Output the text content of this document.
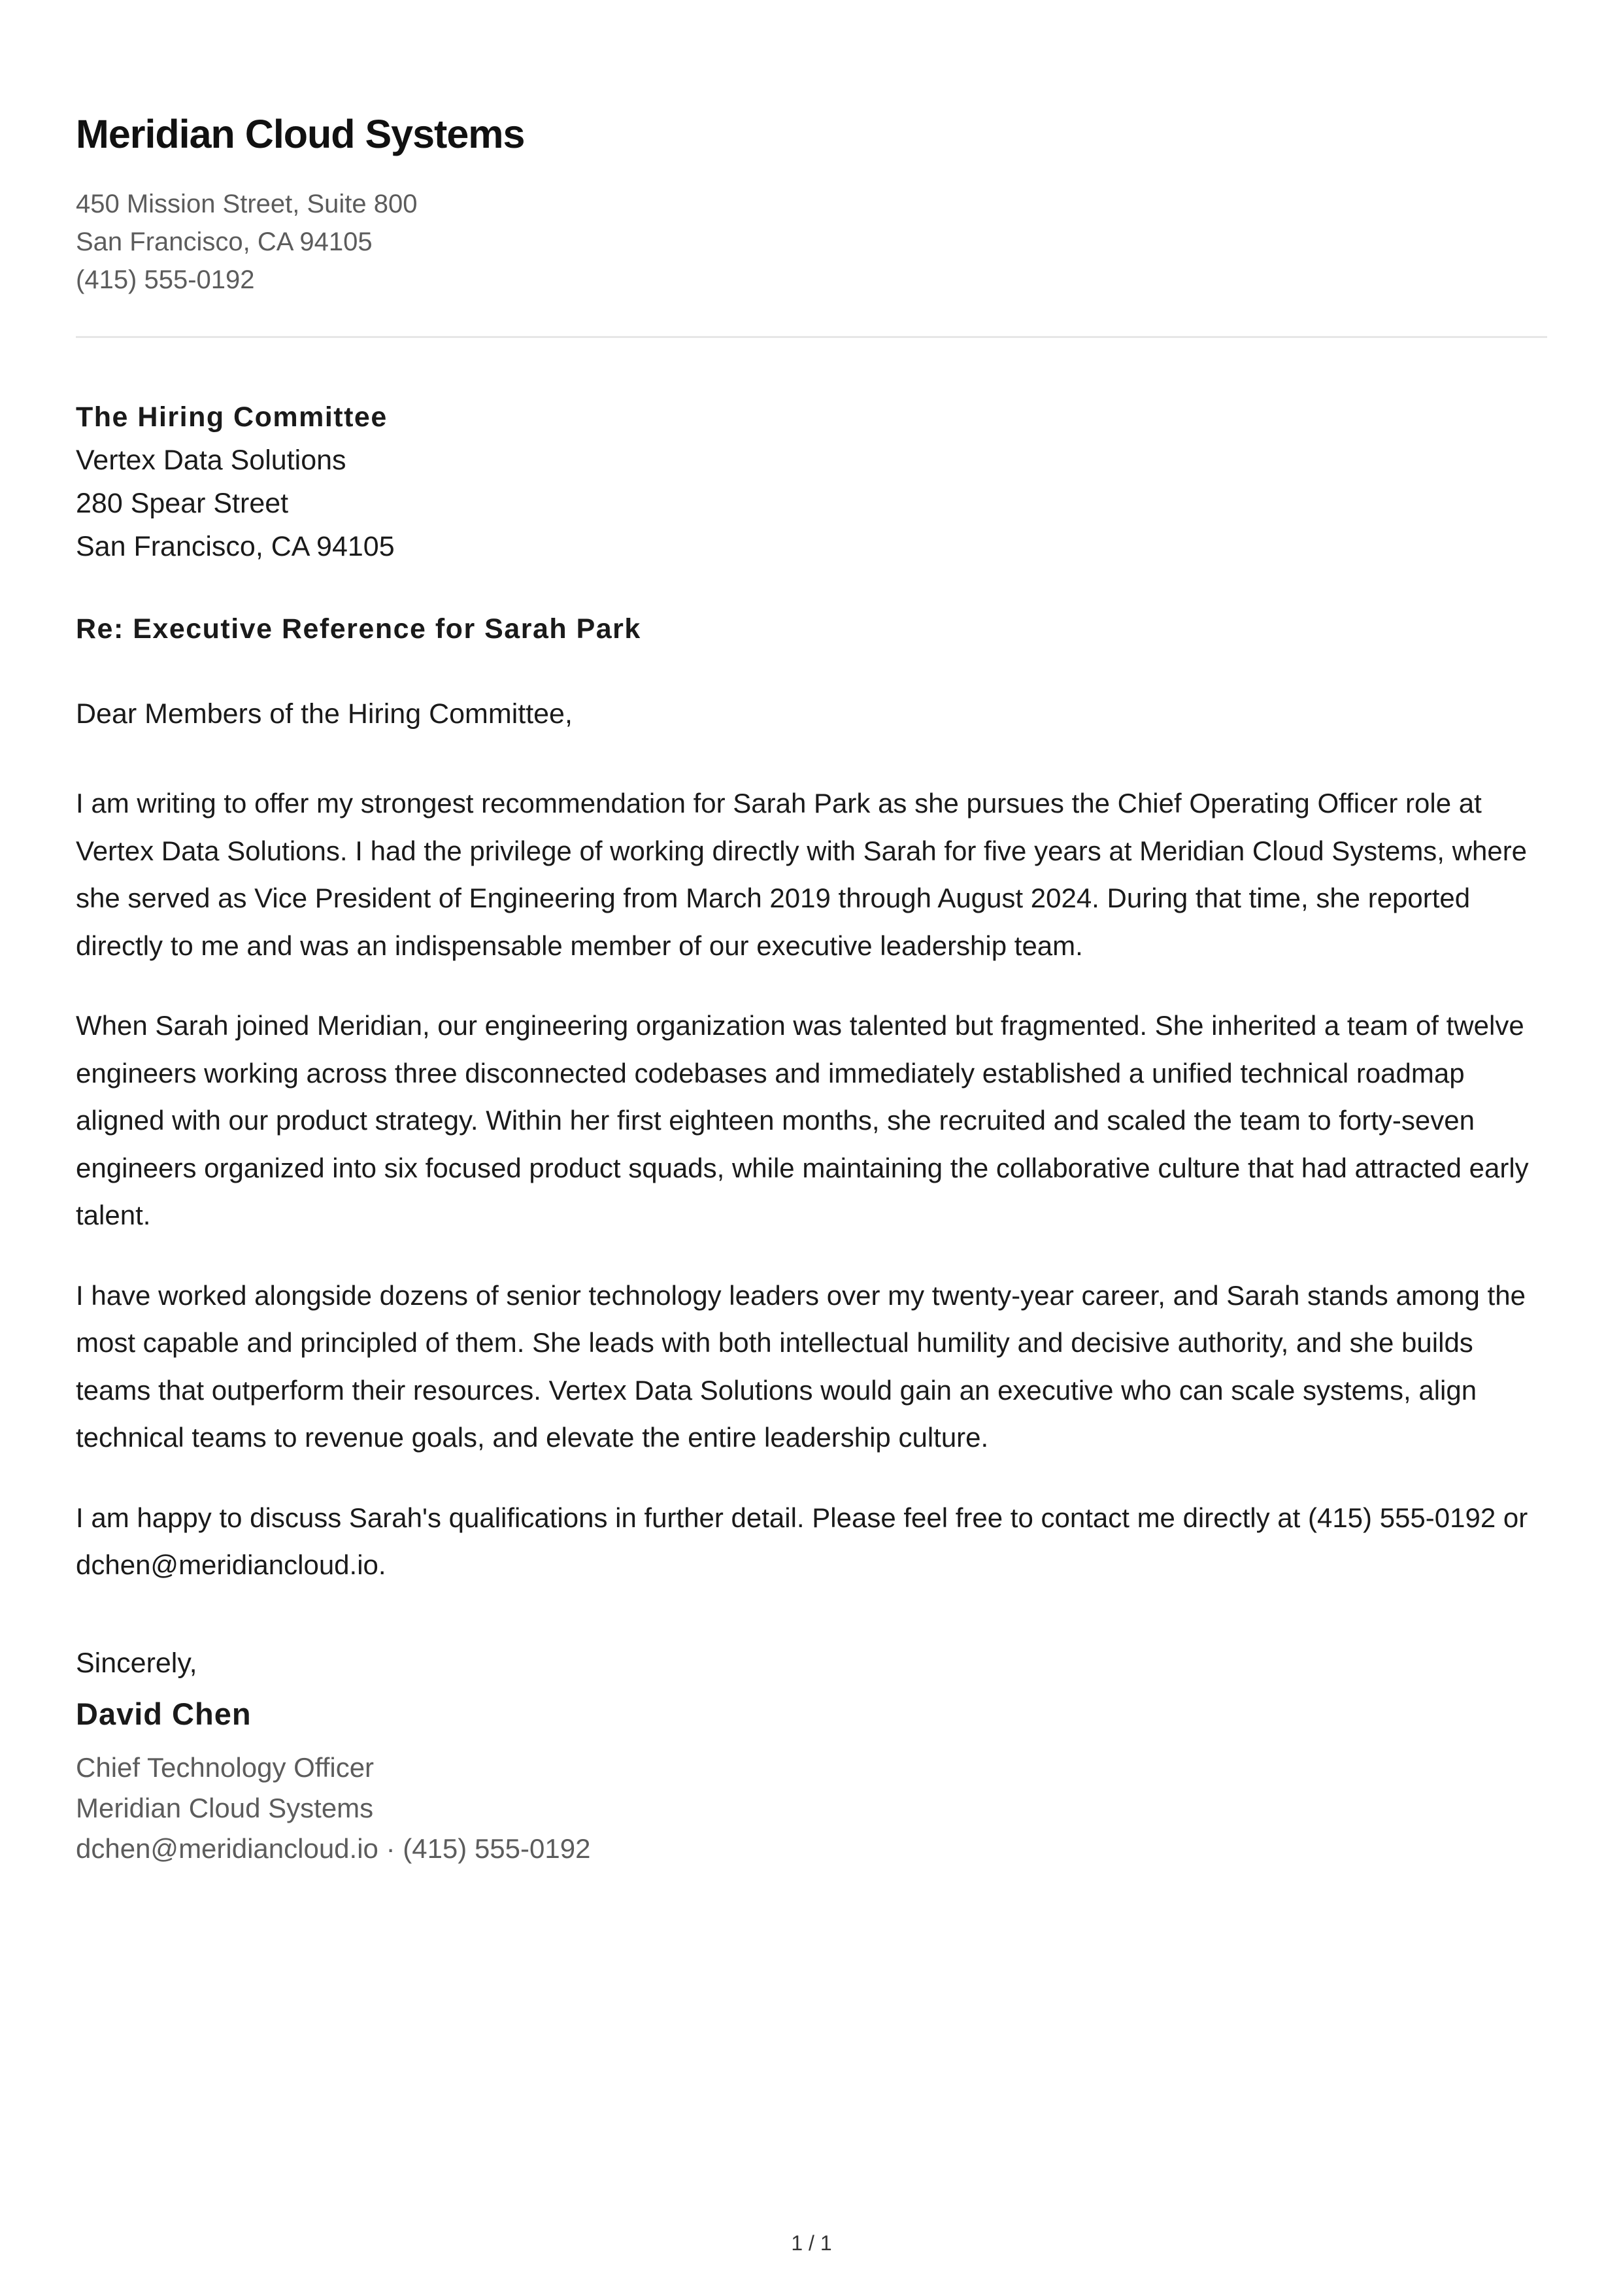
Meridian Cloud Systems
450 Mission Street, Suite 800
San Francisco, CA 94105
(415) 555-0192
The Hiring Committee
Vertex Data Solutions
280 Spear Street
San Francisco, CA 94105
Re: Executive Reference for Sarah Park
Dear Members of the Hiring Committee,

I am writing to offer my strongest recommendation for Sarah Park as she pursues the Chief Operating Officer role at Vertex Data Solutions. I had the privilege of working directly with Sarah for five years at Meridian Cloud Systems, where she served as Vice President of Engineering from March 2019 through August 2024. During that time, she reported directly to me and was an indispensable member of our executive leadership team.

When Sarah joined Meridian, our engineering organization was talented but fragmented. She inherited a team of twelve engineers working across three disconnected codebases and immediately established a unified technical roadmap aligned with our product strategy. Within her first eighteen months, she recruited and scaled the team to forty-seven engineers organized into six focused product squads, while maintaining the collaborative culture that had attracted early talent.

I have worked alongside dozens of senior technology leaders over my twenty-year career, and Sarah stands among the most capable and principled of them. She leads with both intellectual humility and decisive authority, and she builds teams that outperform their resources. Vertex Data Solutions would gain an executive who can scale systems, align technical teams to revenue goals, and elevate the entire leadership culture.

I am happy to discuss Sarah's qualifications in further detail. Please feel free to contact me directly at (415) 555-0192 or dchen@meridiancloud.io.

Sincerely,
David Chen
Chief Technology Officer
Meridian Cloud Systems
dchen@meridiancloud.io · (415) 555-0192
1 / 1
